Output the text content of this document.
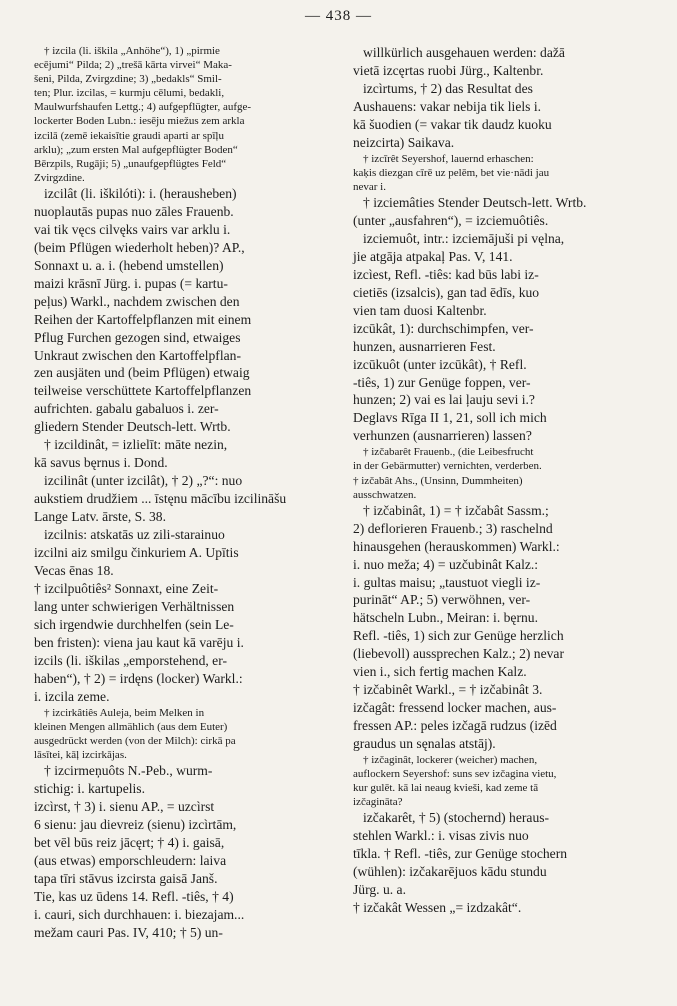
— 438 —
† izcila (li. iškila „Anhöhe“), 1) „pirmie
ecējumi“ Pilda; 2) „trešā kārta virvei“ Maka-
šeni, Pilda, Zvirgzdine; 3) „bedakls“ Smil-
ten; Plur. izcilas, = kurmju cēlumi, bedakli,
Maulwurfshaufen Lettg.; 4) aufgepflügter, aufge-
lockerter Boden Lubn.: iesēju miežus zem arkla
izcilā (zemē iekaisītie graudi aparti ar spīļu
arklu); „zum ersten Mal aufgepflügter Boden“
Bērzpils, Rugāji; 5) „unaufgepflügtes Feld“
Zvirgzdine.
izcilât (li. iškilóti): i. (herausheben)
nuoplautās pupas nuo zāles Frauenb.
vai tik vęcs cilvęks vairs var arklu i.
(beim Pflügen wiederholt heben)? AP.,
Sonnaxt u. a. i. (hebend umstellen)
maizi krāsnī Jürg. i. pupas (= kartu-
peļus) Warkl., nachdem zwischen den
Reihen der Kartoffelpflanzen mit einem
Pflug Furchen gezogen sind, etwaiges
Unkraut zwischen den Kartoffelpflan-
zen ausjäten und (beim Pflügen) etwaig
teilweise verschüttete Kartoffelpflanzen
aufrichten. gabalu gabaluos i. zer-
gliedern Stender Deutsch-lett. Wrtb.
† izcildinât, = izlielīt: māte nezin,
kā savus bęrnus i. Dond.
izcilinât (unter izcilât), † 2) „?“: nuo
aukstiem drudžiem ... īstęnu mācību izcilināšu
Lange Latv. ārste, S. 38.
izcilnis: atskatās uz zili-starainuo
izcilni aiz smilgu činkuriem A. Upītis
Vecas ēnas 18.
† izcilpuôtiês² Sonnaxt, eine Zeit-
lang unter schwierigen Verhältnissen
sich irgendwie durchhelfen (sein Le-
ben fristen): viena jau kaut kā varēju i.
izcils (li. iškilas „emporstehend, er-
haben“), † 2) = irdęns (locker) Warkl.:
i. izcila zeme.
† izcirkâtiês Auleja, beim Melken in
kleinen Mengen allmählich (aus dem Euter)
ausgedrückt werden (von der Milch): cirkā pa
lāsītei, kāļ izcirkājas.
† izcirmeņuôts N.-Peb., wurm-
stichig: i. kartupelis.
izcìrst, † 3) i. sienu AP., = uzcìrst
6 sienu: jau dievreiz (sienu) izcìrtām,
bet vēl būs reiz jācęrt; † 4) i. gaisā,
(aus etwas) emporschleudern: laiva
tapa tīri stāvus izcirsta gaisā Janš.
Tie, kas uz ūdens 14. Refl. -tiês, † 4)
i. cauri, sich durchhauen: i. biezajam...
mežam cauri Pas. IV, 410; † 5) un-
willkürlich ausgehauen werden: dažā
vietā izcęrtas ruobi Jürg., Kaltenbr.
izcìrtums, † 2) das Resultat des
Aushauens: vakar nebija tik liels i.
kā šuodien (= vakar tik daudz kuoku
neizcirta) Saikava.
† izcīrêt Seyershof, lauernd erhaschen:
kaķis diezgan cīrē uz pelēm, bet vie·nādi jau
nevar i.
† izciemâties Stender Deutsch-lett. Wrtb.
(unter „ausfahren“), = izciemuôtiês.
izciemuôt, intr.: izciemājuši pi vęlna,
jie atgāja atpakaļ Pas. V, 141.
izcìest, Refl. -tiês: kad būs labi iz-
cietiēs (izsalcis), gan tad ēdīs, kuo
vien tam duosi Kaltenbr.
izcūkât, 1): durchschimpfen, ver-
hunzen, ausnarrieren Fest.
izcūkuôt (unter izcūkât), † Refl.
-tiês, 1) zur Genüge foppen, ver-
hunzen; 2) vai es lai ļauju sevi i.?
Deglavs Rīga II 1, 21, soll ich mich
verhunzen (ausnarrieren) lassen?
† izčabarêt Frauenb., (die Leibesfrucht
in der Gebärmutter) vernichten, verderben.
† izčabât Ahs., (Unsinn, Dummheiten)
ausschwatzen.
† izčabinât, 1) = † izčabât Sassm.;
2) deflorieren Frauenb.; 3) raschelnd
hinausgehen (herauskommen) Warkl.:
i. nuo meža; 4) = uzčubinât Kalz.:
i. gultas maisu; „taustuot viegli iz-
purināt“ AP.; 5) verwöhnen, ver-
hätscheln Lubn., Meiran: i. bęrnu.
Refl. -tiês, 1) sich zur Genüge herzlich
(liebevoll) aussprechen Kalz.; 2) nevar
vien i., sich fertig machen Kalz.
† izčabinêt Warkl., = † izčabinât 3.
izčagât: fressend locker machen, aus-
fressen AP.: peles izčagā rudzus (izēd
graudus un sęnalas atstāj).
† izčaginât, lockerer (weicher) machen,
auflockern Seyershof: suns sev izčagina vietu,
kur gulēt. kā lai neaug kvieši, kad zeme tā
izčagināta?
izčakarêt, † 5) (stochernd) heraus-
stehlen Warkl.: i. visas zivis nuo
tīkla. † Refl. -tiês, zur Genüge stochern
(wühlen): izčakarējuos kādu stundu
Jürg. u. a.
† izčakât Wessen „= izdzakât“.
